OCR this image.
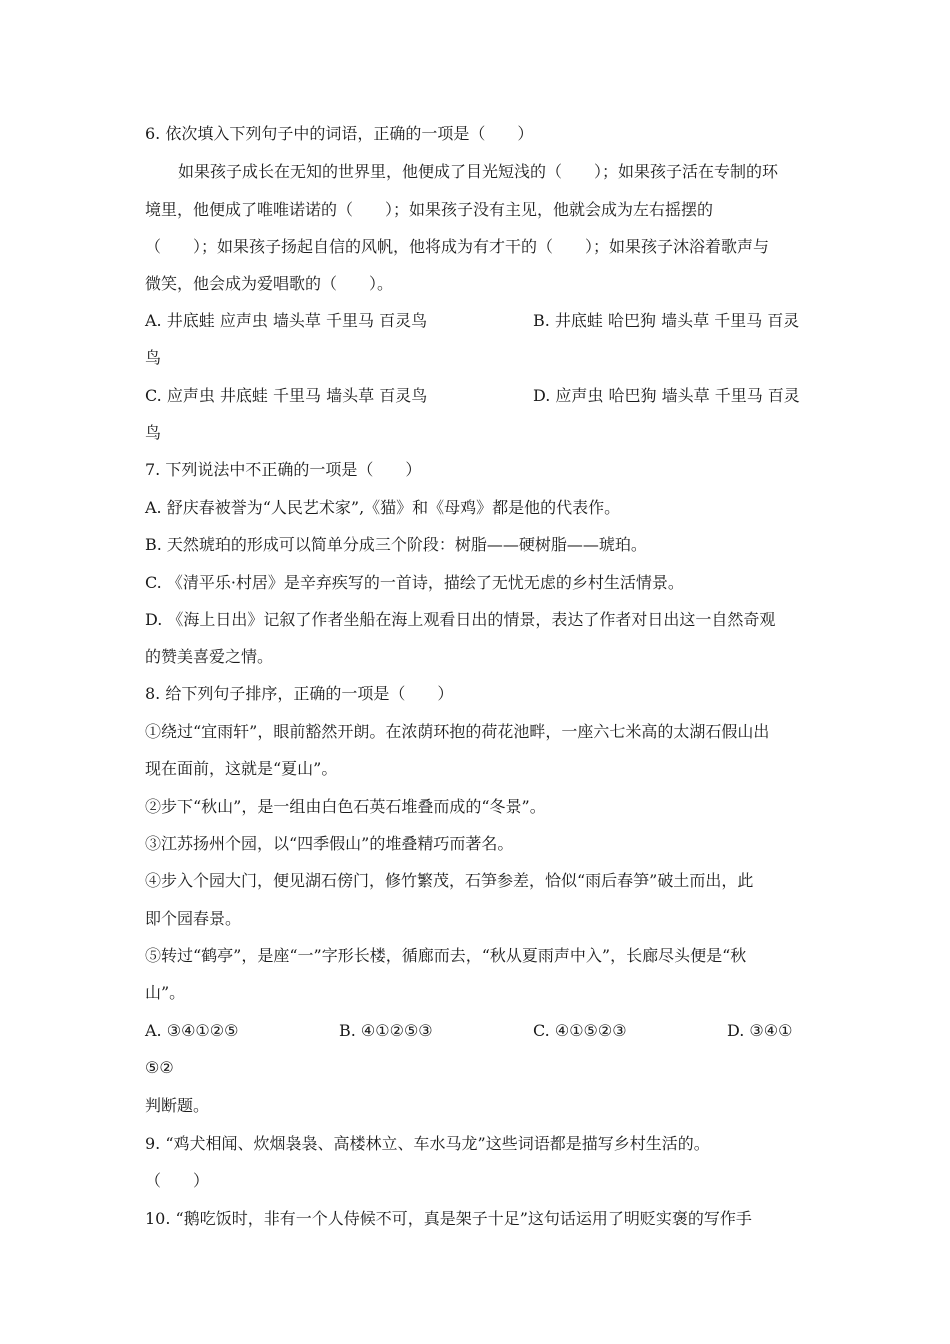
6. 依次填入下列句子中的词语，正确的一项是（　　）
如果孩子成长在无知的世界里，他便成了目光短浅的（　　）；如果孩子活在专制的环
境里，他便成了唯唯诺诺的（　　）；如果孩子没有主见，他就会成为左右摇摆的
（　　）；如果孩子扬起自信的风帆，他将成为有才干的（　　）；如果孩子沐浴着歌声与
微笑，他会成为爱唱歌的（　　）。
A. 井底蛙 应声虫 墙头草 千里马 百灵鸟	B. 井底蛙 哈巴狗 墙头草 千里马 百灵
鸟
C. 应声虫 井底蛙 千里马 墙头草 百灵鸟	D. 应声虫 哈巴狗 墙头草 千里马 百灵
鸟
7. 下列说法中不正确的一项是（　　）
A. 舒庆春被誉为“人民艺术家”,《猫》和《母鸡》都是他的代表作。
B. 天然琥珀的形成可以简单分成三个阶段：树脂——硬树脂——琥珀。
C. 《清平乐·村居》是辛弃疾写的一首诗，描绘了无忧无虑的乡村生活情景。
D. 《海上日出》记叙了作者坐船在海上观看日出的情景，表达了作者对日出这一自然奇观
的赞美喜爱之情。
8. 给下列句子排序，正确的一项是（　　）
①绕过“宜雨轩”，眼前豁然开朗。在浓荫环抱的荷花池畔，一座六七米高的太湖石假山出
现在面前，这就是“夏山”。
②步下“秋山”，是一组由白色石英石堆叠而成的“冬景”。
③江苏扬州个园，以“四季假山”的堆叠精巧而著名。
④步入个园大门，便见湖石傍门，修竹繁茂，石笋参差，恰似“雨后春笋”破土而出，此
即个园春景。
⑤转过“鹤亭”，是座“一”字形长楼，循廊而去，“秋从夏雨声中入”，长廊尽头便是“秋
山”。
A. ③④①②⑤	B. ④①②⑤③	C. ④①⑤②③	D. ③④①
⑤②
判断题。
9. “鸡犬相闻、炊烟袅袅、高楼林立、车水马龙”这些词语都是描写乡村生活的。
（　　）
10. “鹅吃饭时，非有一个人侍候不可，真是架子十足”这句话运用了明贬实褒的写作手
